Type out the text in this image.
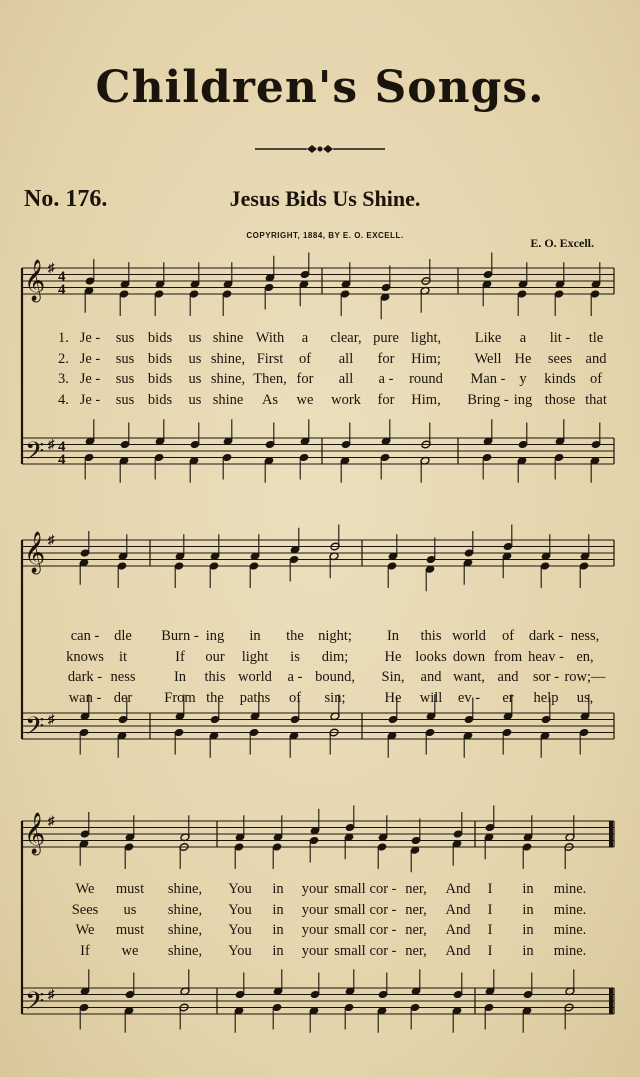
Children's Songs.
No. 176.	Jesus Bids Us Shine.
COPYRIGHT, 1884, BY E. O. EXCELL.
E. O. Excell.
𝄞
𝄢
♯
♯
4
4
4
4
𝄞
𝄢
♯
♯
𝄞
𝄢
♯
♯
1. Je - sus bids us shine With a clear, pure light, Like a lit - tle
2. Je - sus bids us shine, First of all for Him; Well He sees and
3. Je - sus bids us shine, Then, for all a - round Man - y kinds of
4. Je - sus bids us shine As we work for Him, Bring - ing those that
can - dle Burn - ing in the night; In this world of dark - ness,
knows it	If our light is dim; He looks down from heav - en,
dark - ness	In this world a - bound, Sin, and want, and sor - row;—
wan - der From the paths of sin;	He will ev - er help us,
We must shine, You in your small cor - ner, And I in mine.
Sees us shine, You in your small cor - ner, And I in mine.
We must shine, You in your small cor - ner, And I in mine.
If we shine, You in your small cor - ner, And I in mine.
